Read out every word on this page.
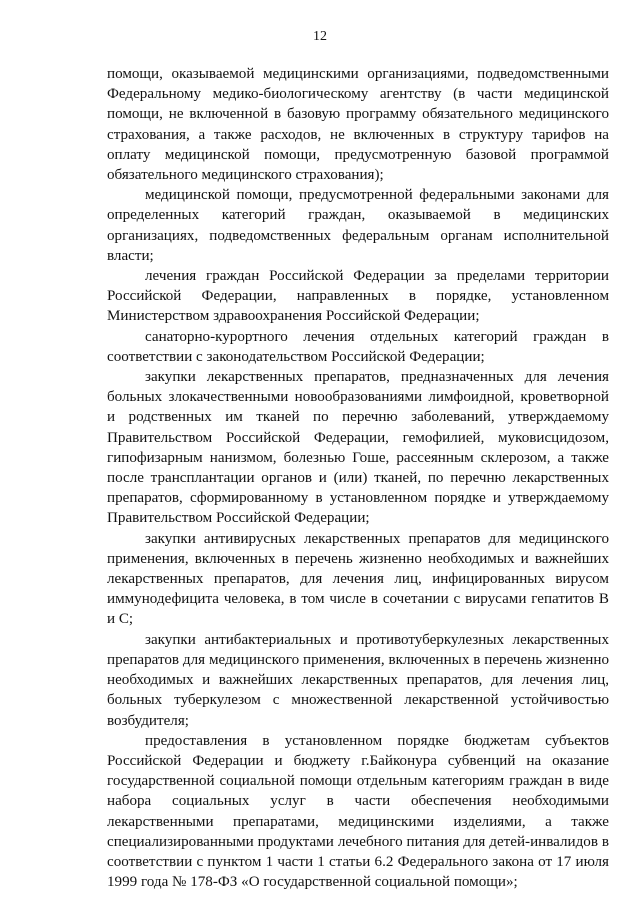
12

помощи, оказываемой медицинскими организациями, подведомственными Федеральному медико-биологическому агентству (в части медицинской помощи, не включенной в базовую программу обязательного медицинского страхования, а также расходов, не включенных в структуру тарифов на оплату медицинской помощи, предусмотренную базовой программой обязательного медицинского страхования);

медицинской помощи, предусмотренной федеральными законами для определенных категорий граждан, оказываемой в медицинских организациях, подведомственных федеральным органам исполнительной власти;

лечения граждан Российской Федерации за пределами территории Российской Федерации, направленных в порядке, установленном Министерством здравоохранения Российской Федерации;

санаторно-курортного лечения отдельных категорий граждан в соответствии с законодательством Российской Федерации;

закупки лекарственных препаратов, предназначенных для лечения больных злокачественными новообразованиями лимфоидной, кроветворной и родственных им тканей по перечню заболеваний, утверждаемому Правительством Российской Федерации, гемофилией, муковисцидозом, гипофизарным нанизмом, болезнью Гоше, рассеянным склерозом, а также после трансплантации органов и (или) тканей, по перечню лекарственных препаратов, сформированному в установленном порядке и утверждаемому Правительством Российской Федерации;

закупки антивирусных лекарственных препаратов для медицинского применения, включенных в перечень жизненно необходимых и важнейших лекарственных препаратов, для лечения лиц, инфицированных вирусом иммунодефицита человека, в том числе в сочетании с вирусами гепатитов В и С;

закупки антибактериальных и противотуберкулезных лекарственных препаратов для медицинского применения, включенных в перечень жизненно необходимых и важнейших лекарственных препаратов, для лечения лиц, больных туберкулезом с множественной лекарственной устойчивостью возбудителя;

предоставления в установленном порядке бюджетам субъектов Российской Федерации и бюджету г.Байконура субвенций на оказание государственной социальной помощи отдельным категориям граждан в виде набора социальных услуг в части обеспечения необходимыми лекарственными препаратами, медицинскими изделиями, а также специализированными продуктами лечебного питания для детей-инвалидов в соответствии с пунктом 1 части 1 статьи 6.2 Федерального закона от 17 июля 1999 года № 178-ФЗ «О государственной социальной помощи»;
